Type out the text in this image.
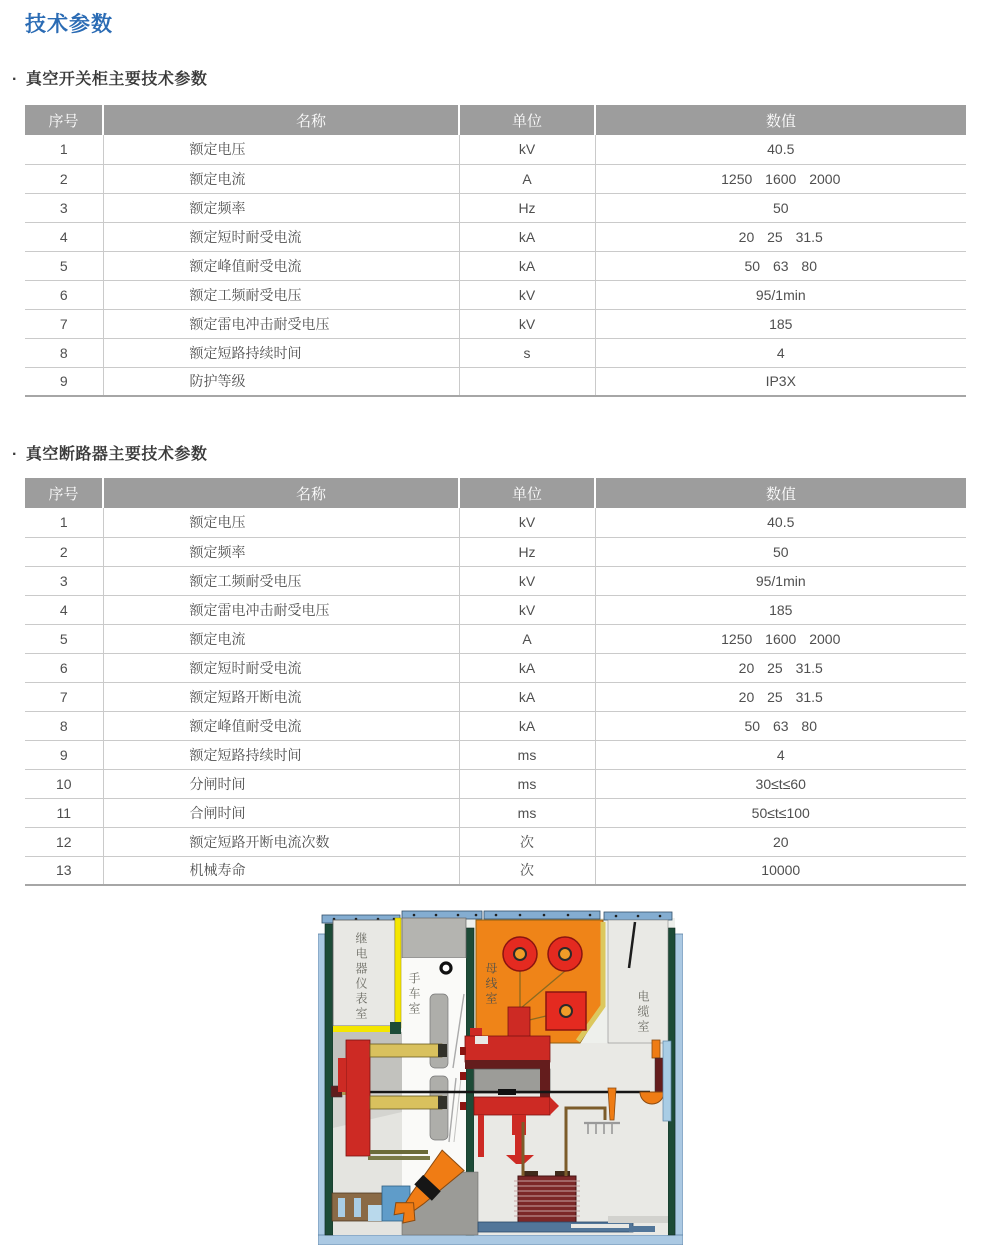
技术参数
· 真空开关柜主要技术参数
序号	名称	单位	数值
1	额定电压	kV	40.5
2	额定电流	A	1250 1600 2000
3	额定频率	Hz	50
4	额定短时耐受电流	kA	20 25 31.5
5	额定峰值耐受电流	kA	50 63 80
6	额定工频耐受电压	kV	95/1min
7	额定雷电冲击耐受电压	kV	185
8	额定短路持续时间	s	4
9	防护等级		IP3X
· 真空断路器主要技术参数
序号	名称	单位	数值
1	额定电压	kV	40.5
2	额定频率	Hz	50
3	额定工频耐受电压	kV	95/1min
4	额定雷电冲击耐受电压	kV	185
5	额定电流	A	1250 1600 2000
6	额定短时耐受电流	kA	20 25 31.5
7	额定短路开断电流	kA	20 25 31.5
8	额定峰值耐受电流	kA	50 63 80
9	额定短路持续时间	ms	4
10	分闸时间	ms	30≤t≤60
11	合闸时间	ms	50≤t≤100
12	额定短路开断电流次数	次	20
13	机械寿命	次	10000
继电器仪表室	手车室	母线室
电缆室
